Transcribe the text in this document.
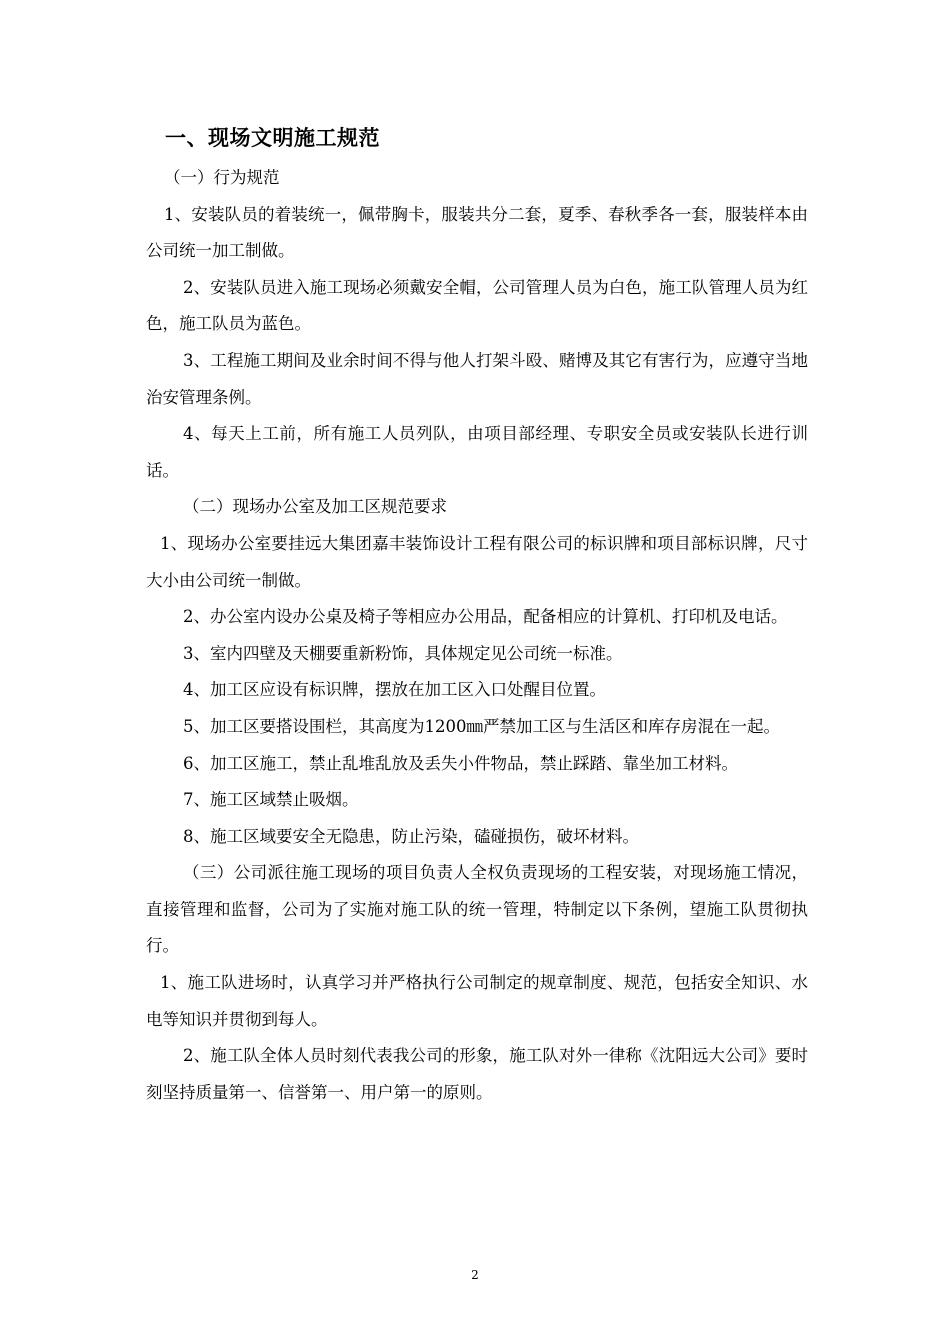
一、现场文明施工规范

（一）行为规范

1、安装队员的着装统一，佩带胸卡，服装共分二套，夏季、春秋季各一套，服装样本由公司统一加工制做。

2、安装队员进入施工现场必须戴安全帽，公司管理人员为白色，施工队管理人员为红色，施工队员为蓝色。

3、工程施工期间及业余时间不得与他人打架斗殴、赌博及其它有害行为，应遵守当地治安管理条例。

4、每天上工前，所有施工人员列队，由项目部经理、专职安全员或安装队长进行训话。

（二）现场办公室及加工区规范要求

1、现场办公室要挂远大集团嘉丰装饰设计工程有限公司的标识牌和项目部标识牌，尺寸大小由公司统一制做。

2、办公室内设办公桌及椅子等相应办公用品，配备相应的计算机、打印机及电话。

3、室内四壁及天棚要重新粉饰，具体规定见公司统一标准。

4、加工区应设有标识牌，摆放在加工区入口处醒目位置。

5、加工区要搭设围栏，其高度为1200㎜严禁加工区与生活区和库存房混在一起。

6、加工区施工，禁止乱堆乱放及丢失小件物品，禁止踩踏、靠坐加工材料。

7、施工区域禁止吸烟。

8、施工区域要安全无隐患，防止污染，磕碰损伤，破坏材料。

（三）公司派往施工现场的项目负责人全权负责现场的工程安装，对现场施工情况，直接管理和监督，公司为了实施对施工队的统一管理，特制定以下条例，望施工队贯彻执行。

1、施工队进场时，认真学习并严格执行公司制定的规章制度、规范，包括安全知识、水电等知识并贯彻到每人。

2、施工队全体人员时刻代表我公司的形象，施工队对外一律称《沈阳远大公司》要时刻坚持质量第一、信誉第一、用户第一的原则。

2
